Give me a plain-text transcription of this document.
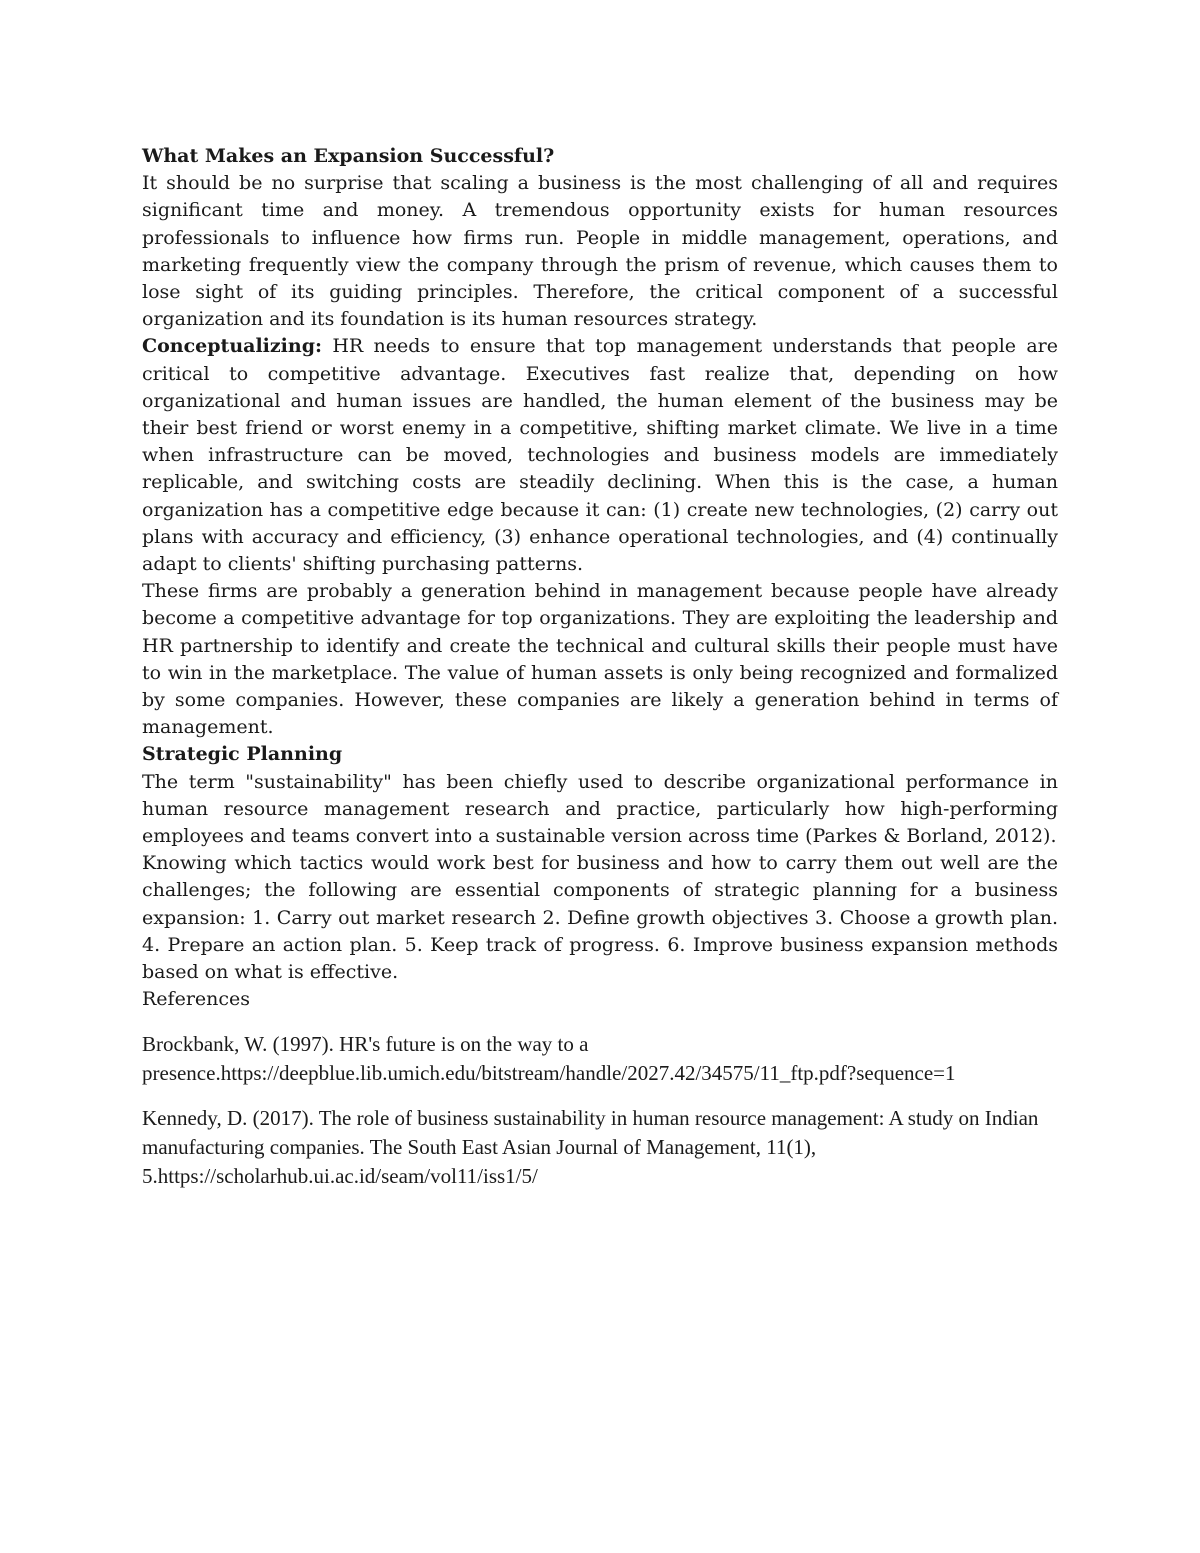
What Makes an Expansion Successful?

It should be no surprise that scaling a business is the most challenging of all and requires significant time and money. A tremendous opportunity exists for human resources professionals to influence how firms run. People in middle management, operations, and marketing frequently view the company through the prism of revenue, which causes them to lose sight of its guiding principles. Therefore, the critical component of a successful organization and its foundation is its human resources strategy.

Conceptualizing: HR needs to ensure that top management understands that people are critical to competitive advantage. Executives fast realize that, depending on how organizational and human issues are handled, the human element of the business may be their best friend or worst enemy in a competitive, shifting market climate. We live in a time when infrastructure can be moved, technologies and business models are immediately replicable, and switching costs are steadily declining. When this is the case, a human organization has a competitive edge because it can: (1) create new technologies, (2) carry out plans with accuracy and efficiency, (3) enhance operational technologies, and (4) continually adapt to clients' shifting purchasing patterns.

These firms are probably a generation behind in management because people have already become a competitive advantage for top organizations. They are exploiting the leadership and HR partnership to identify and create the technical and cultural skills their people must have to win in the marketplace. The value of human assets is only being recognized and formalized by some companies. However, these companies are likely a generation behind in terms of management.

Strategic Planning

The term "sustainability" has been chiefly used to describe organizational performance in human resource management research and practice, particularly how high-performing employees and teams convert into a sustainable version across time (Parkes & Borland, 2012).

Knowing which tactics would work best for business and how to carry them out well are the challenges; the following are essential components of strategic planning for a business expansion: 1. Carry out market research 2. Define growth objectives 3. Choose a growth plan. 4. Prepare an action plan. 5. Keep track of progress. 6. Improve business expansion methods based on what is effective.

References

Brockbank, W. (1997). HR's future is on the way to a presence.https://deepblue.lib.umich.edu/bitstream/handle/2027.42/34575/11_ftp.pdf?sequence=1

Kennedy, D. (2017). The role of business sustainability in human resource management: A study on Indian manufacturing companies. The South East Asian Journal of Management, 11(1), 5.https://scholarhub.ui.ac.id/seam/vol11/iss1/5/
